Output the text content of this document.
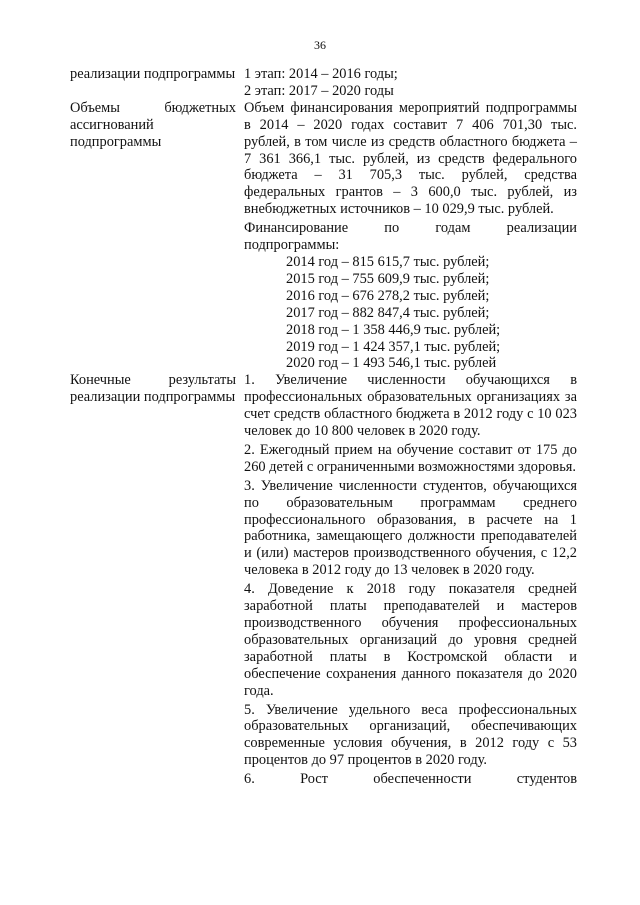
36
реализации подпрограммы 1 этап: 2014 – 2016 годы;
2 этап: 2017 – 2020 годы
Объемы бюджетных ассигнований подпрограммы

Объем финансирования мероприятий подпрограммы в 2014 – 2020 годах составит 7 406 701,30 тыс. рублей, в том числе из средств областного бюджета – 7 361 366,1 тыс. рублей, из средств федерального бюджета – 31 705,3 тыс. рублей, средства федеральных грантов – 3 600,0 тыс. рублей, из внебюджетных источников – 10 029,9 тыс. рублей.

Финансирование по годам реализации подпрограммы:

2014 год – 815 615,7 тыс. рублей;
2015 год – 755 609,9 тыс. рублей;
2016 год – 676 278,2 тыс. рублей;
2017 год – 882 847,4 тыс. рублей;
2018 год – 1 358 446,9 тыс. рублей;
2019 год – 1 424 357,1 тыс. рублей;
2020 год – 1 493 546,1 тыс. рублей
Конечные результаты реализации подпрограммы

1. Увеличение численности обучающихся в профессиональных образовательных организациях за счет средств областного бюджета в 2012 году с 10 023 человек до 10 800 человек в 2020 году.

2. Ежегодный прием на обучение составит от 175 до 260 детей с ограниченными возможностями здоровья.

3. Увеличение численности студентов, обучающихся по образовательным программам среднего профессионального образования, в расчете на 1 работника, замещающего должности преподавателей и (или) мастеров производственного обучения, с 12,2 человека в 2012 году до 13 человек в 2020 году.

4. Доведение к 2018 году показателя средней заработной платы преподавателей и мастеров производственного обучения профессиональных образовательных организаций до уровня средней заработной платы в Костромской области и обеспечение сохранения данного показателя до 2020 года.

5. Увеличение удельного веса профессиональных образовательных организаций, обеспечивающих современные условия обучения, в 2012 году с 53 процентов до 97 процентов в 2020 году.

6. Рост обеспеченности студентов
